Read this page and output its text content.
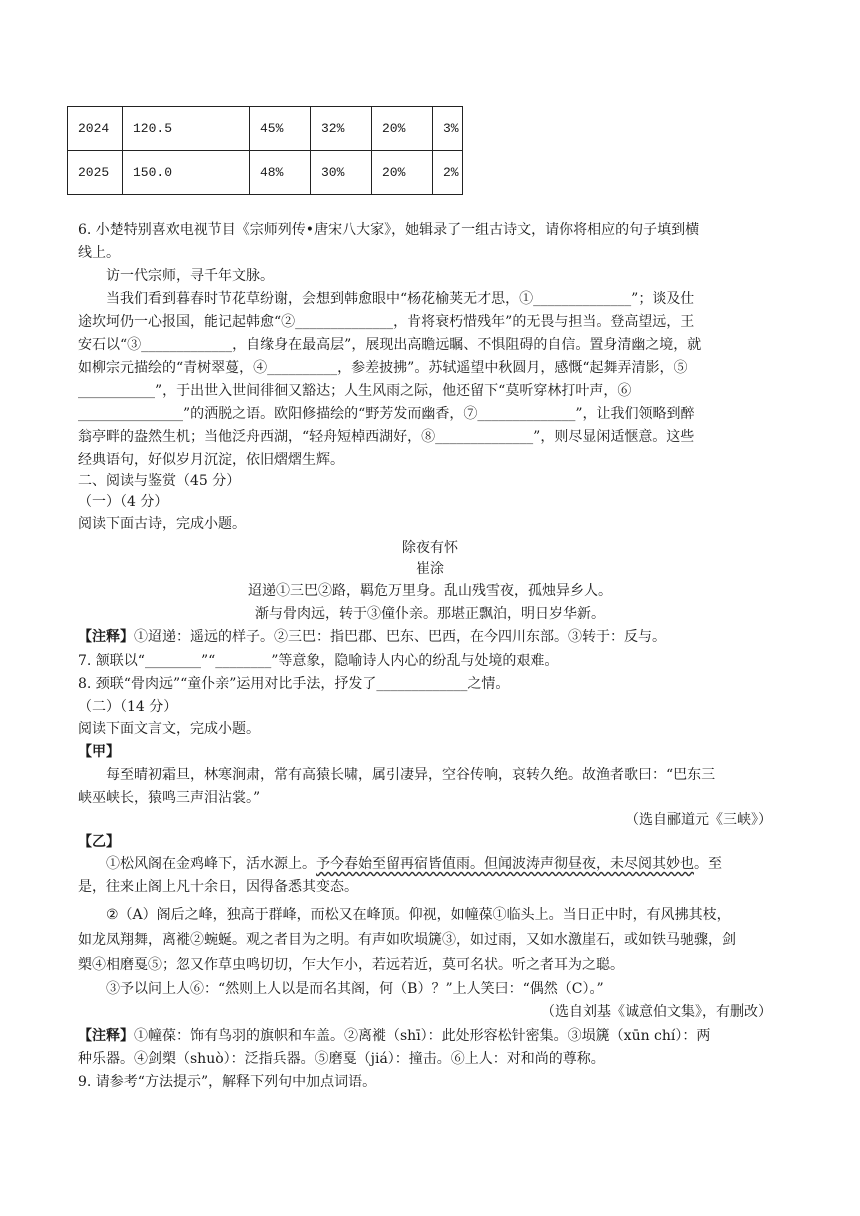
2024	120.5	45%	32%	20%	3%
2025	150.0	48%	30%	20%	2%
6. 小楚特别喜欢电视节目《宗师列传•唐宋八大家》，她辑录了一组古诗文，请你将相应的句子填到横
线上。
访一代宗师，寻千年文脉。
当我们看到暮春时节花草纷谢，会想到韩愈眼中“杨花榆荚无才思，①______________”；谈及仕
途坎坷仍一心报国，能记起韩愈“②______________，肯将衰朽惜残年”的无畏与担当。登高望远，王
安石以“③_____________，自缘身在最高层”，展现出高瞻远瞩、不惧阻碍的自信。置身清幽之境，就
如柳宗元描绘的“青树翠蔓，④__________，参差披拂”。苏轼遥望中秋圆月，感慨“起舞弄清影，⑤
___________”，于出世入世间徘徊又豁达；人生风雨之际，他还留下“莫听穿林打叶声，⑥
_______________”的洒脱之语。欧阳修描绘的“野芳发而幽香，⑦______________”，让我们领略到醉
翁亭畔的盎然生机；当他泛舟西湖，“轻舟短棹西湖好，⑧______________”，则尽显闲适惬意。这些
经典语句，好似岁月沉淀，依旧熠熠生辉。
二、阅读与鉴赏（45 分）
（一）（4 分）
阅读下面古诗，完成小题。
除夜有怀
崔涂
迢递①三巴②路，羁危万里身。乱山残雪夜，孤烛异乡人。
渐与骨肉远，转于③僮仆亲。那堪正飘泊，明日岁华新。
【注释】①迢递：遥远的样子。②三巴：指巴郡、巴东、巴西，在今四川东部。③转于：反与。
7. 颔联以“________”“________”等意象，隐喻诗人内心的纷乱与处境的艰难。
8. 颈联“骨肉远”“童仆亲”运用对比手法，抒发了_____________之情。
（二）（14 分）
阅读下面文言文，完成小题。
【甲】
每至晴初霜旦，林寒涧肃，常有高猿长啸，属引凄异，空谷传响，哀转久绝。故渔者歌曰：“巴东三
峡巫峡长，猿鸣三声泪沾裳。”
（选自郦道元《三峡》）
【乙】
①松风阁在金鸡峰下，活水源上。予今春始至留再宿皆值雨。但闻波涛声彻昼夜，未尽阅其妙也。至
是，往来止阁上凡十余日，因得备悉其变态。
②（A）阁后之峰，独高于群峰，而松又在峰顶。仰视，如幢葆①临头上。当日正中时，有风拂其枝，
如龙凤翔舞，离褷②蜿蜒。观之者目为之明。有声如吹埙篪③，如过雨，又如水激崖石，或如铁马驰骤，剑
槊④相磨戛⑤；忽又作草虫鸣切切，乍大乍小，若远若近，莫可名状。听之者耳为之聪。
③予以问上人⑥：“然则上人以是而名其阁，何（B）？”上人笑曰：“偶然（C）。”
（选自刘基《诚意伯文集》，有删改）
【注释】①幢葆：饰有鸟羽的旗帜和车盖。②离褷（shī）：此处形容松针密集。③埙篪（xūn chí）：两
种乐器。④剑槊（shuò）：泛指兵器。⑤磨戛（jiá）：撞击。⑥上人：对和尚的尊称。
9. 请参考“方法提示”，解释下列句中加点词语。
